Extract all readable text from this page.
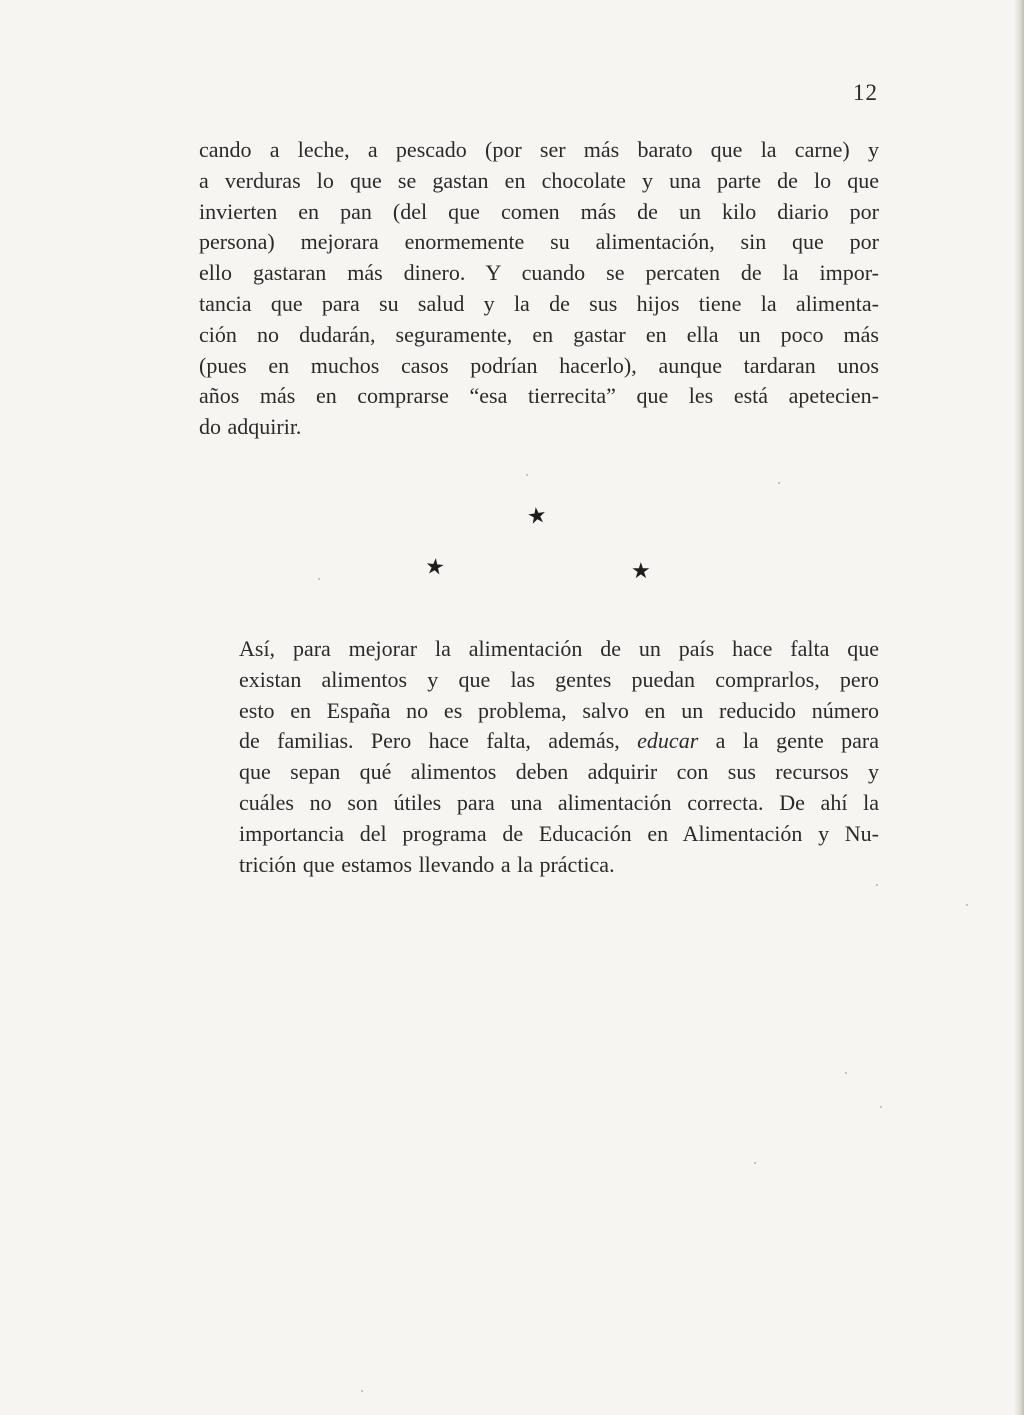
12
cando a leche, a pescado (por ser más barato que la carne) y
a verduras lo que se gastan en chocolate y una parte de lo que
invierten en pan (del que comen más de un kilo diario por
persona) mejorara enormemente su alimentación, sin que por
ello gastaran más dinero. Y cuando se percaten de la impor-
tancia que para su salud y la de sus hijos tiene la alimenta-
ción no dudarán, seguramente, en gastar en ella un poco más
(pues en muchos casos podrían hacerlo), aunque tardaran unos
años más en comprarse “esa tierrecita” que les está apetecien-
do adquirir.
★
★	★
Así, para mejorar la alimentación de un país hace falta que
existan alimentos y que las gentes puedan comprarlos, pero
esto en España no es problema, salvo en un reducido número
de familias. Pero hace falta, además, educar a la gente para
que sepan qué alimentos deben adquirir con sus recursos y
cuáles no son útiles para una alimentación correcta. De ahí la
importancia del programa de Educación en Alimentación y Nu-
trición que estamos llevando a la práctica.
